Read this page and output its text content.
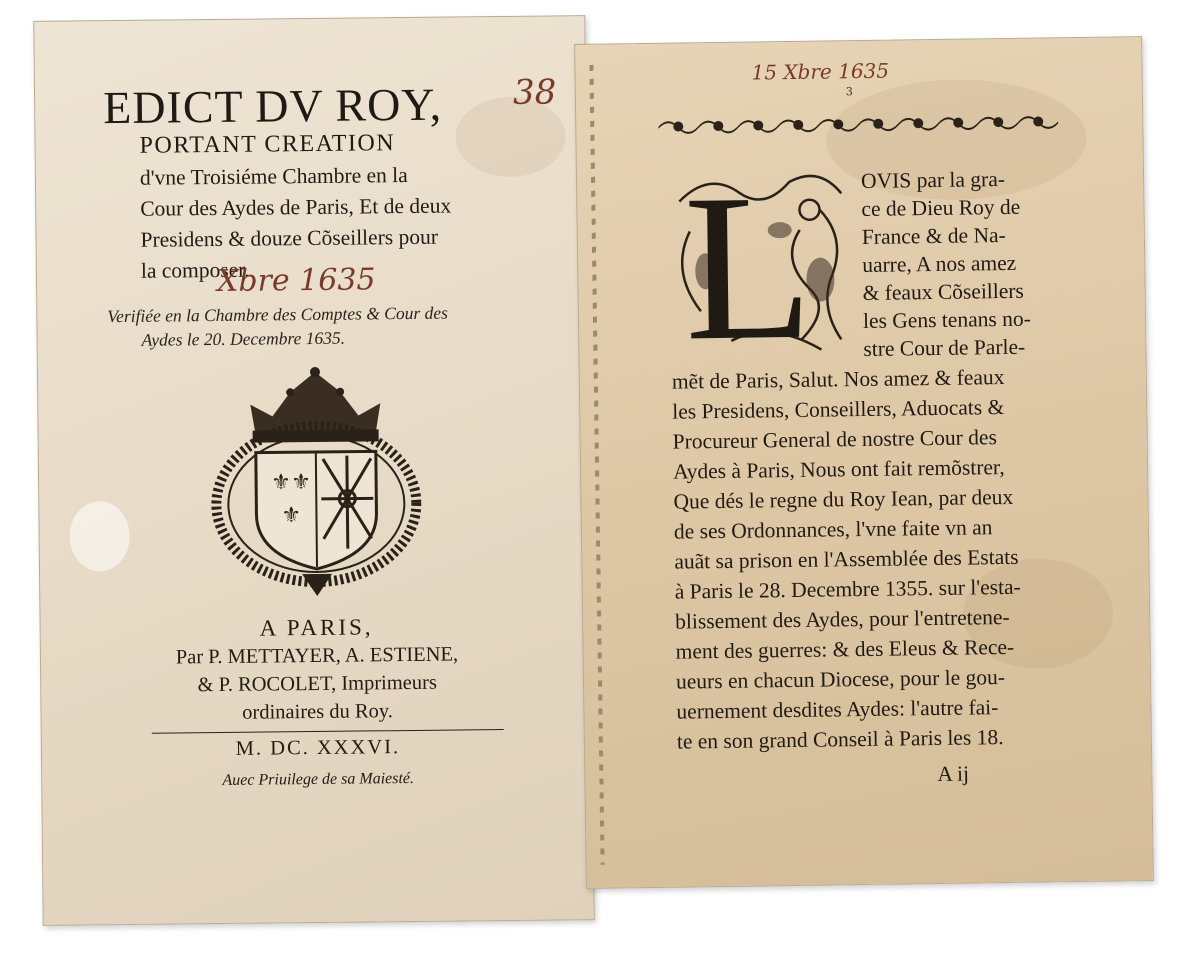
EDICT DV ROY, 38
PORTANT CREATION
d'vne Troisiéme Chambre en la
Cour des Aydes de Paris, Et de deux
Presidens & douze Cõseillers pour
la composer.
Xbre 1635
Verifiée en la Chambre des Comptes & Cour des
Aydes le 20. Decembre 1635.
⚜ ⚜
⚜
A PARIS,
Par P. METTAYER, A. ESTIENE,
& P. ROCOLET, Imprimeurs
ordinaires du Roy.
M. DC. XXXVI.
Auec Priuilege de sa Maiesté.
15 Xbre 1635
3
L OVIS par la gra-
ce de Dieu Roy de
France & de Na-
uarre, A nos amez
& feaux Cõseillers
les Gens tenans no-
stre Cour de Parle-
mẽt de Paris, Salut. Nos amez & feaux
les Presidens, Conseillers, Aduocats &
Procureur General de nostre Cour des
Aydes à Paris, Nous ont fait remõstrer,
Que dés le regne du Roy Iean, par deux
de ses Ordonnances, l'vne faite vn an
auãt sa prison en l'Assemblée des Estats
à Paris le 28. Decembre 1355. sur l'esta-
blissement des Aydes, pour l'entretene-
ment des guerres: & des Eleus & Rece-
ueurs en chacun Diocese, pour le gou-
uernement desdites Aydes: l'autre fai-
te en son grand Conseil à Paris les 18.
A ij
